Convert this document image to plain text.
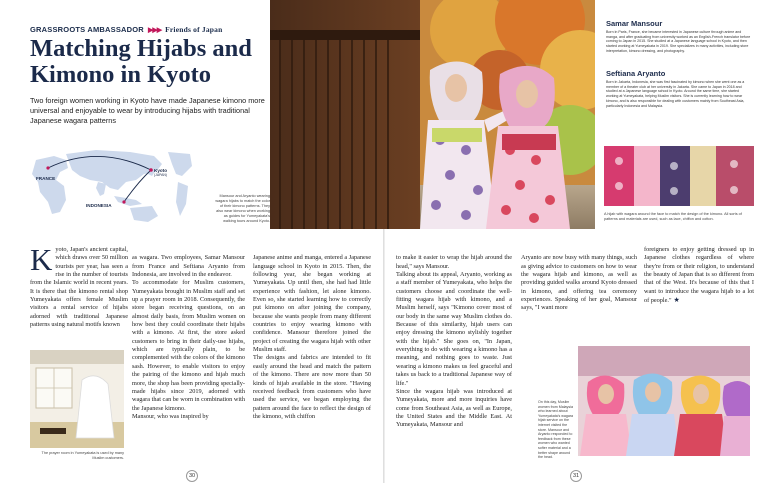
GRASSROOTS AMBASSADOR ▶▶▶ Friends of Japan
Matching Hijabs and Kimono in Kyoto

Two foreign women working in Kyoto have made Japanese kimono more universal and enjoyable to wear by introducing hijabs with traditional Japanese wagara patterns

FRANCE
Kyoto
(JAPAN)
INDONESIA

Mansour and Aryanto wearing wagara hijabs to match the color of their kimono patterns. They also wear kimono when working as guides for Yumeyakata's walking tours around Kyoto.

Samar Mansour

Born in Paris, France, she became interested in Japanese culture through anime and manga, and after graduating from university worked as an English-French translator before coming to Japan in 2015. She studied at a Japanese language school in Kyoto, and then started working at Yumeyakata in 2019. She specializes in many activities, including store interpretation, kimono dressing, and photography.

Seftiana Aryanto

Born in Jakarta, Indonesia, she was first fascinated by kimono when she went one as a member of a theater club at her university in Jakarta. She came to Japan in 2018 and studied at a Japanese language school in Kyoto. Around the same time, she started working at Yumeyakata, helping Muslim visitors. She is currently learning how to wear kimono, and is also responsible for dealing with customers mainly from Southeast Asia, particularly Indonesia and Malaysia.

A hijab with wagara around the face to match the design of the kimono. All sorts of patterns and materials are used, such as lace, chiffon and cotton.

Kyoto, Japan's ancient capital, which draws over 50 million tourists per year, has seen a rise in the number of tourists from the Islamic world in recent years. It is there that the kimono rental shop Yumeyakata offers female Muslim visitors a rental service of hijabs adorned with traditional Japanese patterns using natural motifs known

The prayer room in Yumeyakata is used by many Muslim customers.

as wagara. Two employees, Samar Mansour from France and Seftiana Aryanto from Indonesia, are involved in the endeavor.
To accommodate for Muslim customers, Yumeyakata brought in Muslim staff and set up a prayer room in 2018. Consequently, the store began receiving questions, on an almost daily basis, from Muslim women on how best they could coordinate their hijabs with a kimono. At first, the store asked customers to bring in their daily-use hijabs, which are typically plain, to be complemented with the colors of the kimono sash. However, to enable visitors to enjoy the pairing of the kimono and hijab much more, the shop has been providing specially-made hijabs since 2019, adorned with wagara that can be worn in combination with the Japanese kimono.
Mansour, who was inspired by

Japanese anime and manga, entered a Japanese language school in Kyoto in 2015. Then, the following year, she began working at Yumeyakata. Up until then, she had had little experience with fashion, let alone kimono. Even so, she started learning how to correctly put kimono on after joining the company, because she wants people from many different countries to enjoy wearing kimono with confidence. Mansour therefore joined the project of creating the wagara hijab with other Muslim staff.
The designs and fabrics are intended to fit easily around the head and match the pattern of the kimono. There are now more than 50 kinds of hijab available in the store. "Having received feedback from customers who have used the service, we began employing the pattern around the face to reflect the design of the kimono, with chiffon

to make it easier to wrap the hijab around the head," says Mansour.
Talking about its appeal, Aryanto, working as a staff member of Yumeyakata, who helps the customers choose and coordinate the well-fitting wagara hijab with kimono, and a Muslim herself, says "Kimono cover most of our body in the same way Muslim clothes do. Because of this similarity, hijab users can enjoy dressing the kimono stylishly together with the hijab." She goes on, "In Japan, everything to do with wearing a kimono has a meaning, and nothing goes to waste. Just wearing a kimono makes us feel graceful and takes us back to a traditional Japanese way of life."
Since the wagara hijab was introduced at Yumeyakata, more and more inquiries have come from Southeast Asia, as well as Europe, the United States and the Middle East. At Yumeyakata, Mansour and

Aryanto are now busy with many things, such as giving advice to customers on how to wear the wagara hijab and kimono, as well as providing guided walks around Kyoto dressed in kimono, and offering tea ceremony experiences. Speaking of her goal, Mansour says, "I want more

foreigners to enjoy getting dressed up in Japanese clothes regardless of where they're from or their religion, to understand the beauty of Japan that is so different from that of the West. It's because of this that I want to introduce the wagara hijab to a lot of people." ★

On this day, Muslim women from Malaysia who learned about Yumeyakata's wagara hijab service on the internet visited the store. Mansour and Aryanto responded to feedback from these women who wanted softer material and a better shape around the head.

30	31
